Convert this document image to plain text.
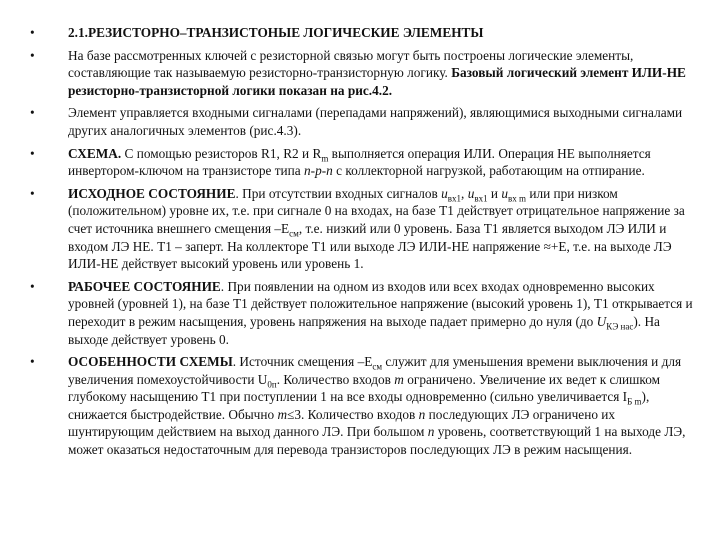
•	2.1.РЕЗИСТОРНО–ТРАНЗИСТОНЫЕ ЛОГИЧЕСКИЕ ЭЛЕМЕНТЫ
•	На базе рассмотренных ключей с резисторной связью могут быть построены логические элементы, составляющие так называемую резисторно-транзисторную логику. Базовый логический элемент ИЛИ-НЕ резисторно-транзисторной логики показан на рис.4.2.
•	Элемент управляется входными сигналами (перепадами напряжений), являющимися выходными сигналами других аналогичных элементов (рис.4.3).
•	СХЕМА. С помощью резисторов R1, R2 и $R_m$ выполняется операция ИЛИ. Операция НЕ выполняется инвертором-ключом на транзисторе типа n-p-n с коллекторной нагрузкой, работающим на отпирание.
•	ИСХОДНОЕ СОСТОЯНИЕ. При отсутствии входных сигналов $u_{вх1}$, $u_{вх1}$ и $u_{вх m}$ или при низком (положительном) уровне их, т.е. при сигнале 0 на входах, на базе T1 действует отрицательное напряжение за счет источника внешнего смещения $-E_{см}$, т.е. низкий или 0 уровень. База T1 является выходом ЛЭ ИЛИ и входом ЛЭ НЕ. T1 – заперт. На коллекторе T1 или выходе ЛЭ ИЛИ-НЕ напряжение ≈+E, т.е. на выходе ЛЭ ИЛИ-НЕ действует высокий уровень или уровень 1.
•	РАБОЧЕЕ СОСТОЯНИЕ. При появлении на одном из входов или всех входах одновременно высоких уровней (уровней 1), на базе T1 действует положительное напряжение (высокий уровень 1), T1 открывается и переходит в режим насыщения, уровень напряжения на выходе падает примерно до нуля (до $U_{КЭ нас}$). На выходе действует уровень 0.
•	ОСОБЕННОСТИ СХЕМЫ. Источник смещения $-E_{см}$ служит для уменьшения времени выключения и для увеличения помехоустойчивости $U_{0п}$. Количество входов m ограничено. Увеличение их ведет к слишком глубокому насыщению T1 при поступлении 1 на все входы одновременно (сильно увеличивается $I_{Б m}$), снижается быстродействие. Обычно m≤3. Количество входов n последующих ЛЭ ограничено их шунтирующим действием на выход данного ЛЭ. При большом n уровень, соответствующий 1 на выходе ЛЭ, может оказаться недостаточным для перевода транзисторов последующих ЛЭ в режим насыщения.
